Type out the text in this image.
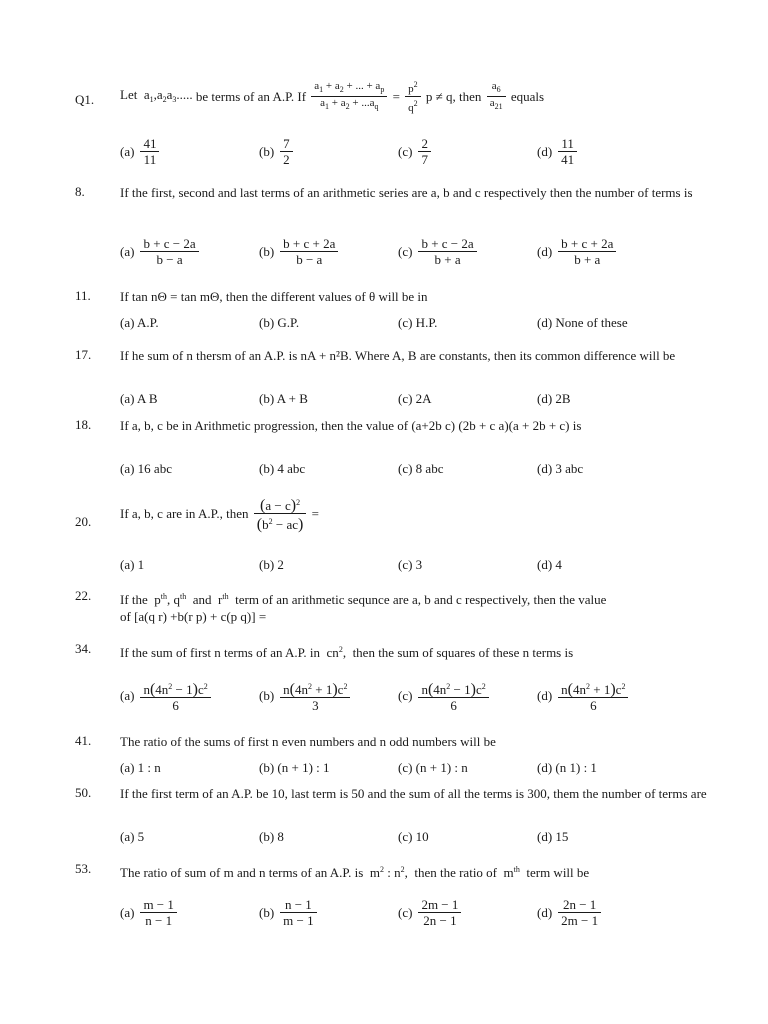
Q1. Let  $a_1,a_2a_3$..... be terms of an A.P. If $\frac{a_1 + a_2 + ... + a_p}{a_1 + a_2 + ...a_q} = \frac{p^2}{q^2}$ p ≠ q, then $\frac{a_6}{a_{21}}$ equals
$(a) \frac{41}{11}$	$(b) \frac{7}{2}$	$(c) \frac{2}{7}$	$(d) \frac{11}{41}$
8.	If the first, second and last terms of an arithmetic series are a, b and c respectively then the number of terms is
$(a) \frac{b + c - 2a}{b - a}$	$(b) \frac{b + c + 2a}{b - a}$	$(c) \frac{b + c - 2a}{b + a}$	$(d) \frac{b + c + 2a}{b + a}$
11. If tan nΘ = tan mΘ, then the different values of θ will be in
(a) A.P.	(b) G.P.	(c) H.P.	(d) None of these
17. If he sum of n thersm of an A.P. is nA + n²B. Where A, B are constants, then its common difference will be
(a) A B	(b) A + B	(c) 2A	(d) 2B
18. If a, b, c be in Arithmetic progression, then the value of (a+2b c) (2b + c a)(a + 2b + c) is
(a) 16 abc	(b) 4 abc	(c) 8 abc	(d) 3 abc
20.
If a, b, c are in A.P., then $\frac{(a - c)^2}{(b^2 - ac)}$ =
(a) 1	(b) 2	(c) 3	(d) 4
22. If the  $p^{th}$, $q^{th}$  and  $r^{th}$  term of an arithmetic sequnce are a, b and c respectively, then the value
of [a(q r) +b(r p) + c(p q)] =
34. If the sum of first n terms of an A.P. in  $cn^2$,  then the sum of squares of these n terms is
$(a) \frac{n(4n^2 - 1)c^2}{6}$	$(b) \frac{n(4n^2 + 1)c^2}{3}$	$(c) \frac{n(4n^2 - 1)c^2}{6}$	$(d) \frac{n(4n^2 + 1)c^2}{6}$
41. The ratio of the sums of first n even numbers and n odd numbers will be
(a) 1 : n	(b) (n + 1) : 1	(c) (n + 1) : n	(d) (n 1) : 1
50. If the first term of an A.P. be 10, last term is 50 and the sum of all the terms is 300, them the number of terms are
(a) 5	(b) 8	(c) 10	(d) 15
53. The ratio of sum of m and n terms of an A.P. is  $m^2$ : $n^2$,  then the ratio of  $m^{th}$  term will be
$(a) \frac{m - 1}{n - 1}$	$(b) \frac{n - 1}{m - 1}$	$(c) \frac{2m - 1}{2n - 1}$	$(d) \frac{2n - 1}{2m - 1}$
